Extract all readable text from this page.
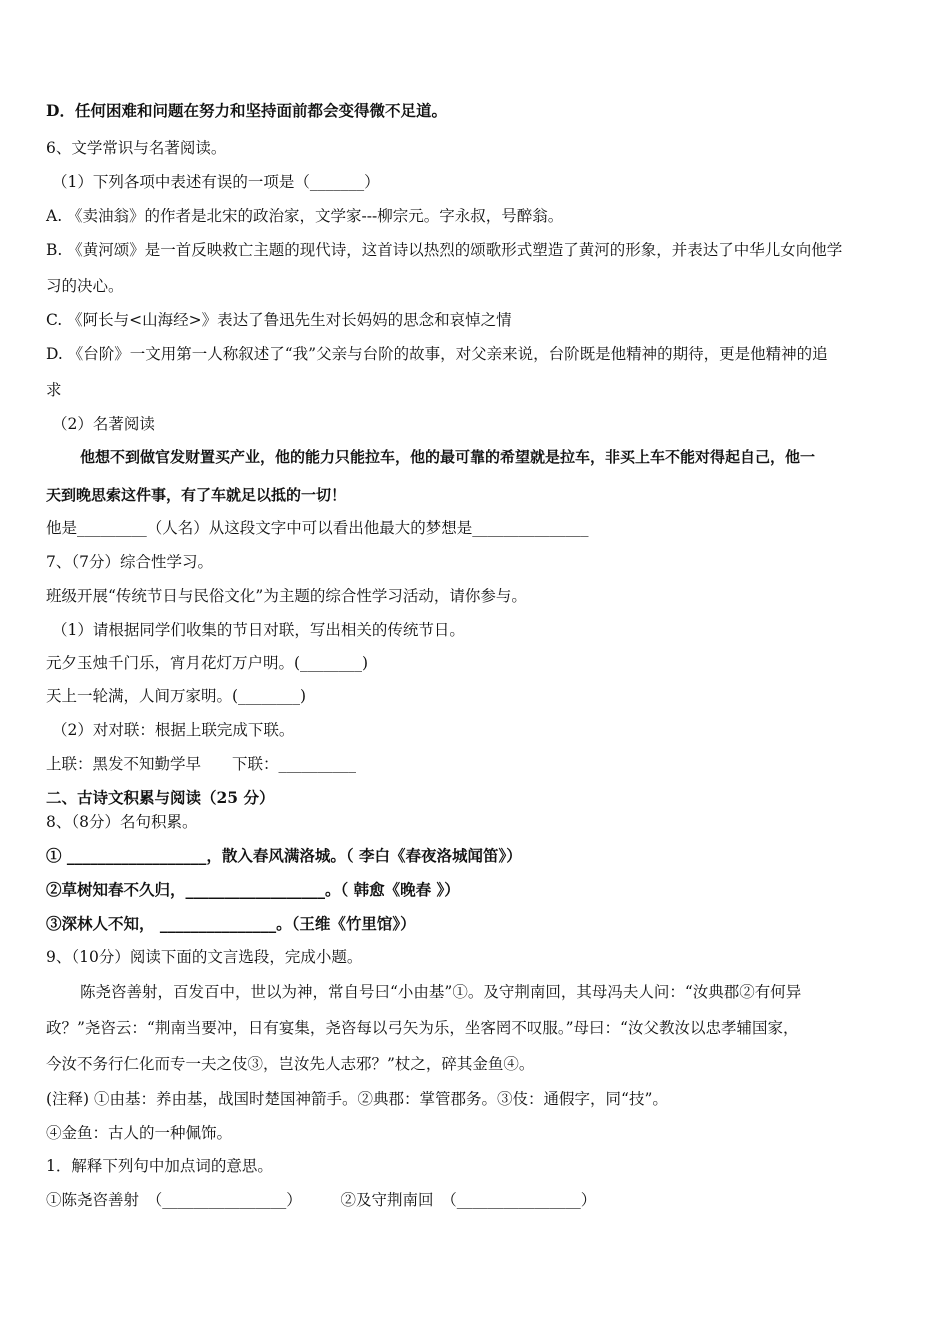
D．任何困难和问题在努力和坚持面前都会变得微不足道。
6、文学常识与名著阅读。
（1）下列各项中表述有误的一项是（_______）
A. 《卖油翁》的作者是北宋的政治家，文学家---柳宗元。字永叔，号醉翁。
B. 《黄河颂》是一首反映救亡主题的现代诗，这首诗以热烈的颂歌形式塑造了黄河的形象，并表达了中华儿女向他学
习的决心。
C. 《阿长与<山海经>》表达了鲁迅先生对长妈妈的思念和哀悼之情
D. 《台阶》一文用第一人称叙述了“我”父亲与台阶的故事，对父亲来说，台阶既是他精神的期待，更是他精神的追
求
（2）名著阅读
他想不到做官发财置买产业，他的能力只能拉车，他的最可靠的希望就是拉车，非买上车不能对得起自己，他一
天到晚思索这件事，有了车就足以抵的一切！
他是_________（人名）从这段文字中可以看出他最大的梦想是_______________
7、（7分）综合性学习。
班级开展“传统节日与民俗文化”为主题的综合性学习活动，请你参与。
（1）请根据同学们收集的节日对联，写出相关的传统节日。
元夕玉烛千门乐，宵月花灯万户明。(________)
天上一轮满，人间万家明。(________)
（2）对对联：根据上联完成下联。
上联：黑发不知勤学早　　下联：__________
二、古诗文积累与阅读（25 分）
8、（8分）名句积累。
① __________________，散入春风满洛城。（ 李白《春夜洛城闻笛》）
②草树知春不久归，__________________。（ 韩愈《晚春 》）
③深林人不知， _______________。（王维《竹里馆》）
9、（10分）阅读下面的文言选段，完成小题。
陈尧咨善射，百发百中，世以为神，常自号曰“小由基”①。及守荆南回，其母冯夫人问：“汝典郡②有何异
政？”尧咨云：“荆南当要冲，日有宴集，尧咨每以弓矢为乐，坐客罔不叹服。”母曰：“汝父教汝以忠孝辅国家，
今汝不务行仁化而专一夫之伎③，岂汝先人志邪？”杖之，碎其金鱼④。
(注释) ①由基：养由基，战国时楚国神箭手。②典郡：掌管郡务。③伎：通假字，同“技”。
④金鱼：古人的一种佩饰。
1．解释下列句中加点词的意思。
①陈尧咨善射　（________________）　　　②及守荆南回　（________________）
